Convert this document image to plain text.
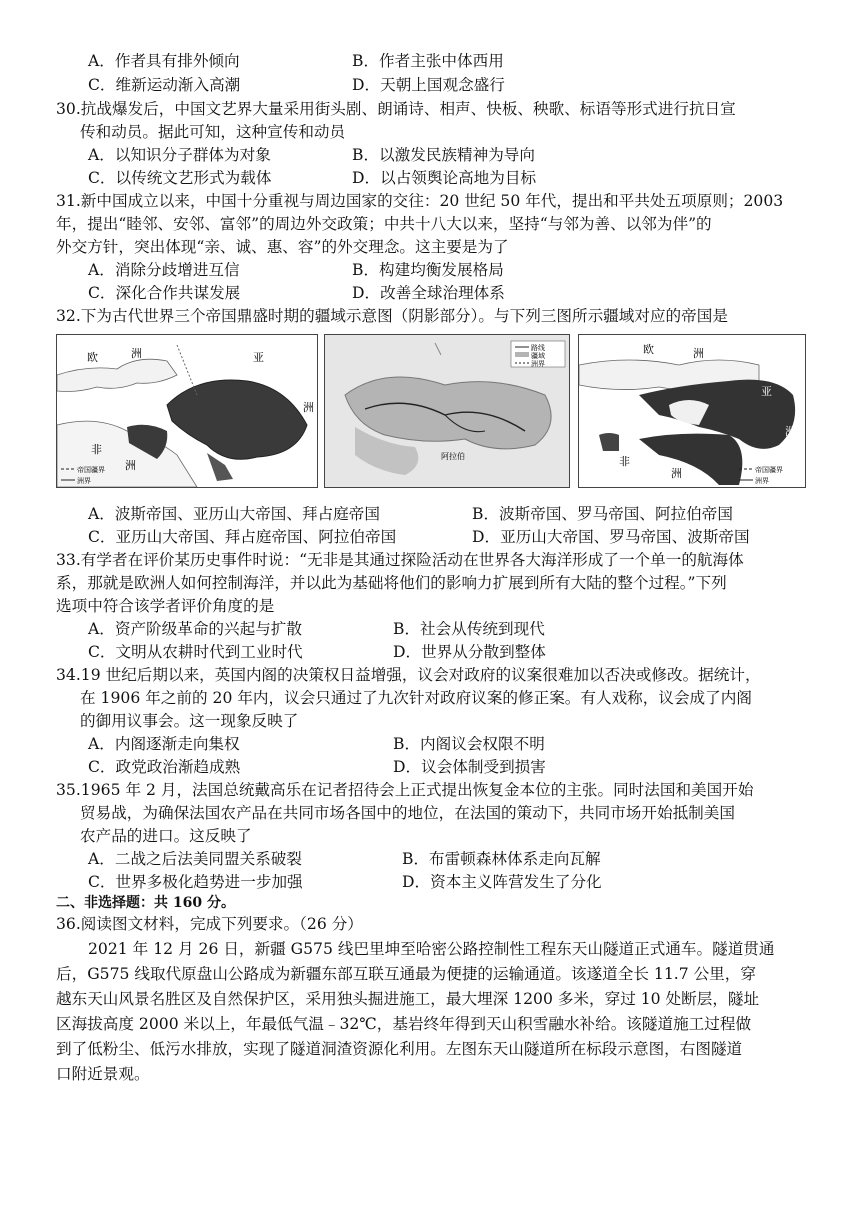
A．作者具有排外倾向	B．作者主张中体西用
C．维新运动渐入高潮	D．天朝上国观念盛行
30.抗战爆发后，中国文艺界大量采用街头剧、朗诵诗、相声、快板、秧歌、标语等形式进行抗日宣
传和动员。据此可知，这种宣传和动员
A．以知识分子群体为对象	B．以激发民族精神为导向
C．以传统文艺形式为载体	D．以占领舆论高地为目标
31.新中国成立以来，中国十分重视与周边国家的交往：20 世纪 50 年代，提出和平共处五项原则；2003
年，提出“睦邻、安邻、富邻”的周边外交政策；中共十八大以来，坚持“与邻为善、以邻为伴”的
外交方针，突出体现“亲、诚、惠、容”的外交理念。这主要是为了
A．消除分歧增进互信	B．构建均衡发展格局
C．深化合作共谋发展	D．改善全球治理体系
32.下为古代世界三个帝国鼎盛时期的疆域示意图（阴影部分）。与下列三图所示疆域对应的帝国是
欧	洲	亚
洲
非
洲
帝国疆界
洲界
路线
疆域
洲界
阿拉伯
欧	洲
亚
洲
非
洲	帝国疆界
洲界
A．波斯帝国、亚历山大帝国、拜占庭帝国	B．波斯帝国、罗马帝国、阿拉伯帝国
C．亚历山大帝国、拜占庭帝国、阿拉伯帝国	D．亚历山大帝国、罗马帝国、波斯帝国
33.有学者在评价某历史事件时说：“无非是其通过探险活动在世界各大海洋形成了一个单一的航海体
系，那就是欧洲人如何控制海洋，并以此为基础将他们的影响力扩展到所有大陆的整个过程。”下列
选项中符合该学者评价角度的是
A．资产阶级革命的兴起与扩散	B．社会从传统到现代
C．文明从农耕时代到工业时代	D．世界从分散到整体
34.19 世纪后期以来，英国内阁的决策权日益增强，议会对政府的议案很难加以否决或修改。据统计，
在 1906 年之前的 20 年内，议会只通过了九次针对政府议案的修正案。有人戏称，议会成了内阁
的御用议事会。这一现象反映了
A．内阁逐渐走向集权	B．内阁议会权限不明
C．政党政治渐趋成熟	D．议会体制受到损害
35.1965 年 2 月，法国总统戴高乐在记者招待会上正式提出恢复金本位的主张。同时法国和美国开始
贸易战，为确保法国农产品在共同市场各国中的地位，在法国的策动下，共同市场开始抵制美国
农产品的进口。这反映了
A．二战之后法美同盟关系破裂	B．布雷顿森林体系走向瓦解
C．世界多极化趋势进一步加强	D．资本主义阵营发生了分化
二、非选择题：共 160 分。
36.阅读图文材料，完成下列要求。（26 分）
2021 年 12 月 26 日，新疆 G575 线巴里坤至哈密公路控制性工程东天山隧道正式通车。隧道贯通
后，G575 线取代原盘山公路成为新疆东部互联互通最为便捷的运输通道。该遂道全长 11.7 公里，穿
越东天山风景名胜区及自然保护区，采用独头掘进施工，最大埋深 1200 多米，穿过 10 处断层，隧址
区海拔高度 2000 米以上，年最低气温﹣32℃，基岩终年得到天山积雪融水补给。该隧道施工过程做
到了低粉尘、低污水排放，实现了隧道洞渣资源化利用。左图东天山隧道所在标段示意图，右图隧道
口附近景观。
